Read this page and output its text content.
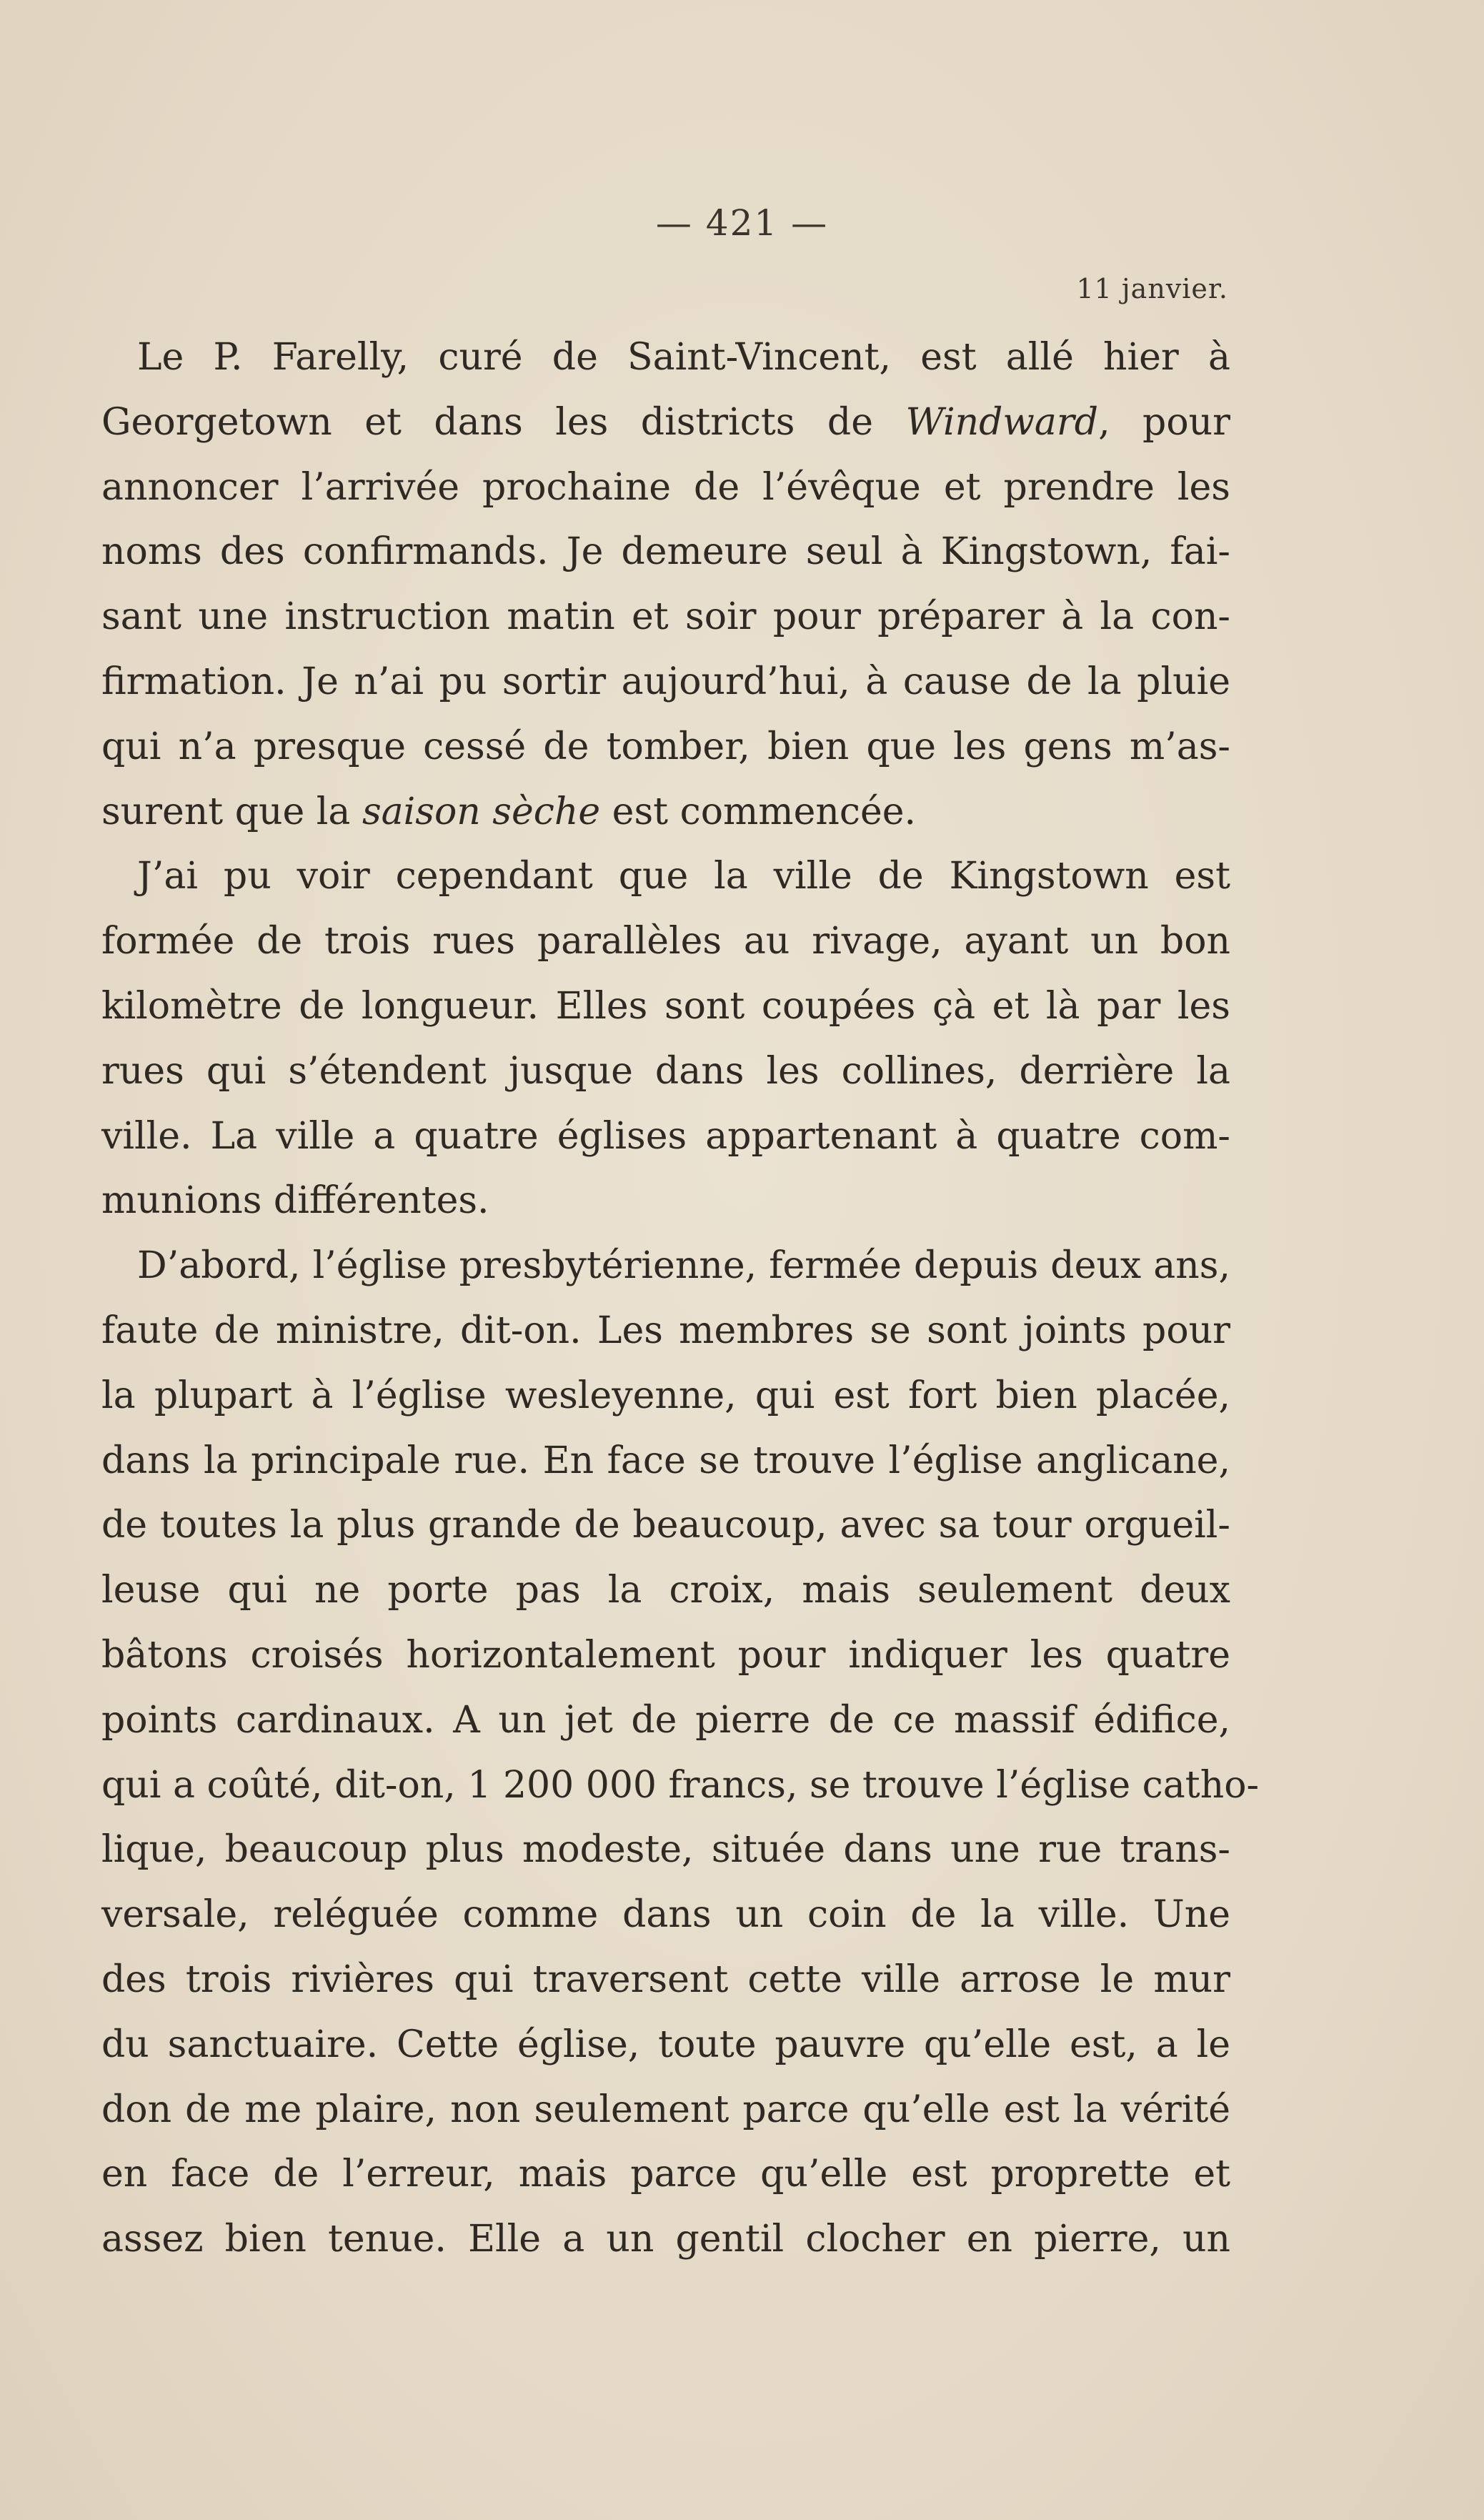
— 421 —
11 janvier.
Le P. Farelly, curé de Saint-Vincent, est allé hier à
Georgetown et dans les districts de Windward, pour
annoncer l’arrivée prochaine de l’évêque et prendre les
noms des confirmands. Je demeure seul à Kingstown, fai-
sant une instruction matin et soir pour préparer à la con-
firmation. Je n’ai pu sortir aujourd’hui, à cause de la pluie
qui n’a presque cessé de tomber, bien que les gens m’as-
surent que la saison sèche est commencée.
J’ai pu voir cependant que la ville de Kingstown est
formée de trois rues parallèles au rivage, ayant un bon
kilomètre de longueur. Elles sont coupées çà et là par les
rues qui s’étendent jusque dans les collines, derrière la
ville. La ville a quatre églises appartenant à quatre com-
munions différentes.
D’abord, l’église presbytérienne, fermée depuis deux ans,
faute de ministre, dit-on. Les membres se sont joints pour
la plupart à l’église wesleyenne, qui est fort bien placée,
dans la principale rue. En face se trouve l’église anglicane,
de toutes la plus grande de beaucoup, avec sa tour orgueil-
leuse qui ne porte pas la croix, mais seulement deux
bâtons croisés horizontalement pour indiquer les quatre
points cardinaux. A un jet de pierre de ce massif édifice,
qui a coûté, dit-on, 1 200 000 francs, se trouve l’église catho-
lique, beaucoup plus modeste, située dans une rue trans-
versale, reléguée comme dans un coin de la ville. Une
des trois rivières qui traversent cette ville arrose le mur
du sanctuaire. Cette église, toute pauvre qu’elle est, a le
don de me plaire, non seulement parce qu’elle est la vérité
en face de l’erreur, mais parce qu’elle est proprette et
assez bien tenue. Elle a un gentil clocher en pierre, un
